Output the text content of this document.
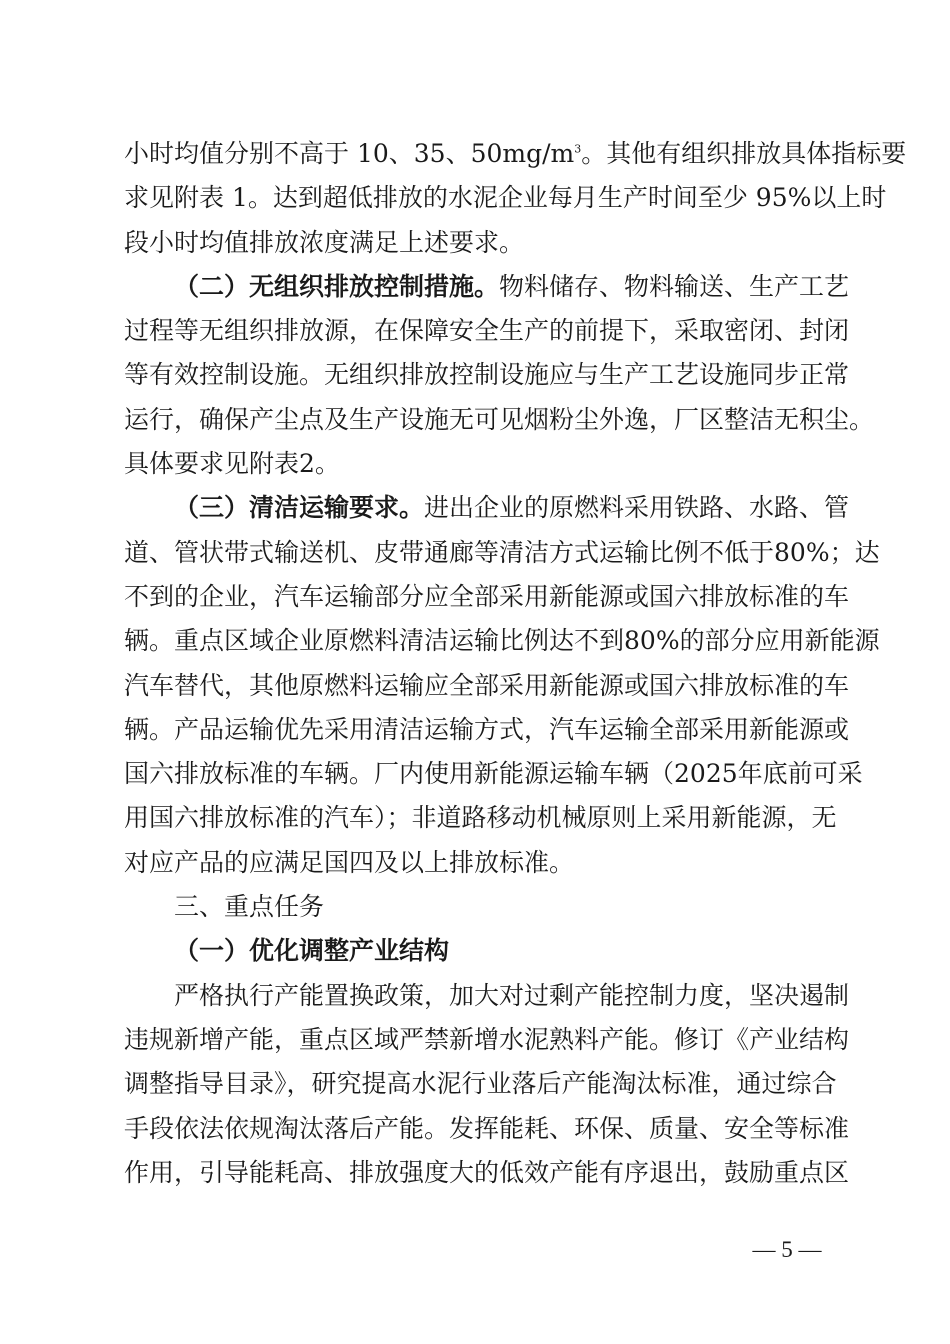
小时均值分别不高于 10、35、$50mg/m^3$。其他有组织排放具体指标要
求见附表 1。达到超低排放的水泥企业每月生产时间至少 95%以上时
段小时均值排放浓度满足上述要求。
（二）无组织排放控制措施。物料储存、物料输送、生产工艺
过程等无组织排放源，在保障安全生产的前提下，采取密闭、封闭
等有效控制设施。无组织排放控制设施应与生产工艺设施同步正常
运行，确保产尘点及生产设施无可见烟粉尘外逸，厂区整洁无积尘。
具体要求见附表2。
（三）清洁运输要求。进出企业的原燃料采用铁路、水路、管
道、管状带式输送机、皮带通廊等清洁方式运输比例不低于80%；达
不到的企业，汽车运输部分应全部采用新能源或国六排放标准的车
辆。重点区域企业原燃料清洁运输比例达不到80%的部分应用新能源
汽车替代，其他原燃料运输应全部采用新能源或国六排放标准的车
辆。产品运输优先采用清洁运输方式，汽车运输全部采用新能源或
国六排放标准的车辆。厂内使用新能源运输车辆（2025年底前可采
用国六排放标准的汽车）；非道路移动机械原则上采用新能源，无
对应产品的应满足国四及以上排放标准。
三、重点任务
（一）优化调整产业结构
严格执行产能置换政策，加大对过剩产能控制力度，坚决遏制
违规新增产能，重点区域严禁新增水泥熟料产能。修订《产业结构
调整指导目录》，研究提高水泥行业落后产能淘汰标准，通过综合
手段依法依规淘汰落后产能。发挥能耗、环保、质量、安全等标准
作用，引导能耗高、排放强度大的低效产能有序退出，鼓励重点区
— 5 —
